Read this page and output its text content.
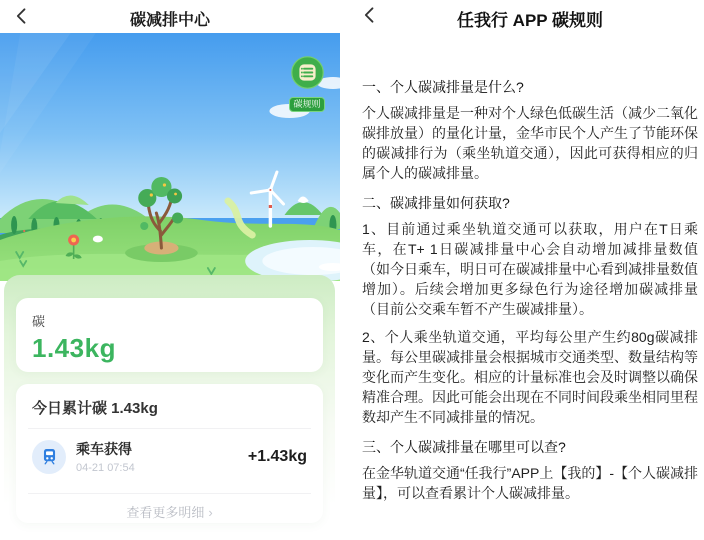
碳减排中心
碳规则
碳
1.43kg
今日累计碳 1.43kg
乘车获得
04-21 07:54
+1.43kg
查看更多明细 ›
任我行 APP 碳规则
一、个人碳减排量是什么?

个人碳减排量是一种对个人绿色低碳生活（减少二氧化碳排放量）的量化计量，金华市民个人产生了节能环保的碳减排行为（乘坐轨道交通），因此可获得相应的归属个人的碳减排量。

二、碳减排量如何获取?

1、目前通过乘坐轨道交通可以获取，用户在T日乘车，在T+ 1日碳减排量中心会自动增加减排量数值（如今日乘车，明日可在碳减排量中心看到减排量数值增加）。后续会增加更多绿色行为途径增加碳减排量（目前公交乘车暂不产生碳减排量）。

2、个人乘坐轨道交通，平均每公里产生约80g碳减排量。每公里碳减排量会根据城市交通类型、数量结构等变化而产生变化。相应的计量标准也会及时调整以确保精准合理。因此可能会出现在不同时间段乘坐相同里程数却产生不同减排量的情况。

三、个人碳减排量在哪里可以查?

在金华轨道交通“任我行”APP上【我的】-【个人碳减排量】，可以查看累计个人碳减排量。
